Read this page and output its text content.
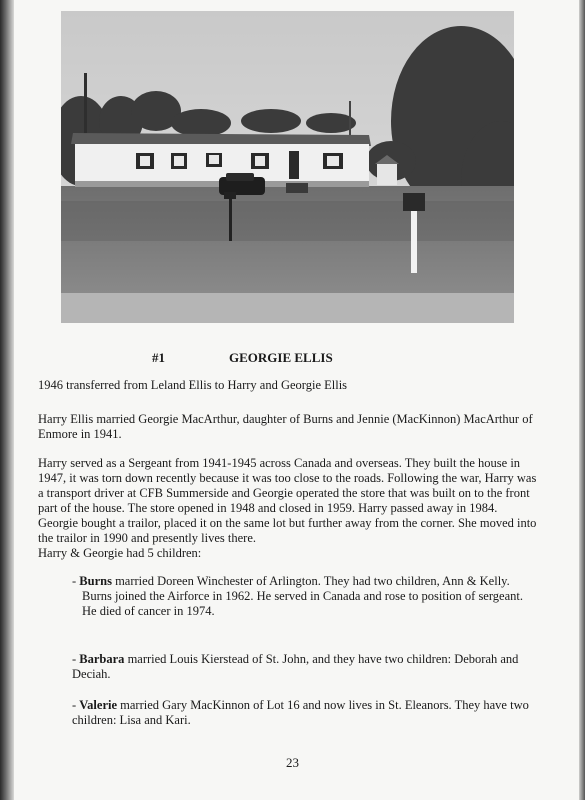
#1	GEORGIE ELLIS

1946 transferred from Leland Ellis to Harry and Georgie Ellis

Harry Ellis married Georgie MacArthur, daughter of Burns and Jennie (MacKinnon) MacArthur of Enmore in 1941.

Harry served as a Sergeant from 1941-1945 across Canada and overseas. They built the house in 1947, it was torn down recently because it was too close to the roads. Following the war, Harry was a transport driver at CFB Summerside and Georgie operated the store that was built on to the front part of the house. The store opened in 1948 and closed in 1959. Harry passed away in 1984. Georgie bought a trailor, placed it on the same lot but further away from the corner. She moved into the trailor in 1990 and presently lives there.

Harry & Georgie had 5 children:

- Burns married Doreen Winchester of Arlington. They had two children, Ann & Kelly.

Burns joined the Airforce in 1962. He served in Canada and rose to position of sergeant.

He died of cancer in 1974.

- Barbara married Louis Kierstead of St. John, and they have two children: Deborah and Deciah.

- Valerie married Gary MacKinnon of Lot 16 and now lives in St. Eleanors. They have two children: Lisa and Kari.

23
